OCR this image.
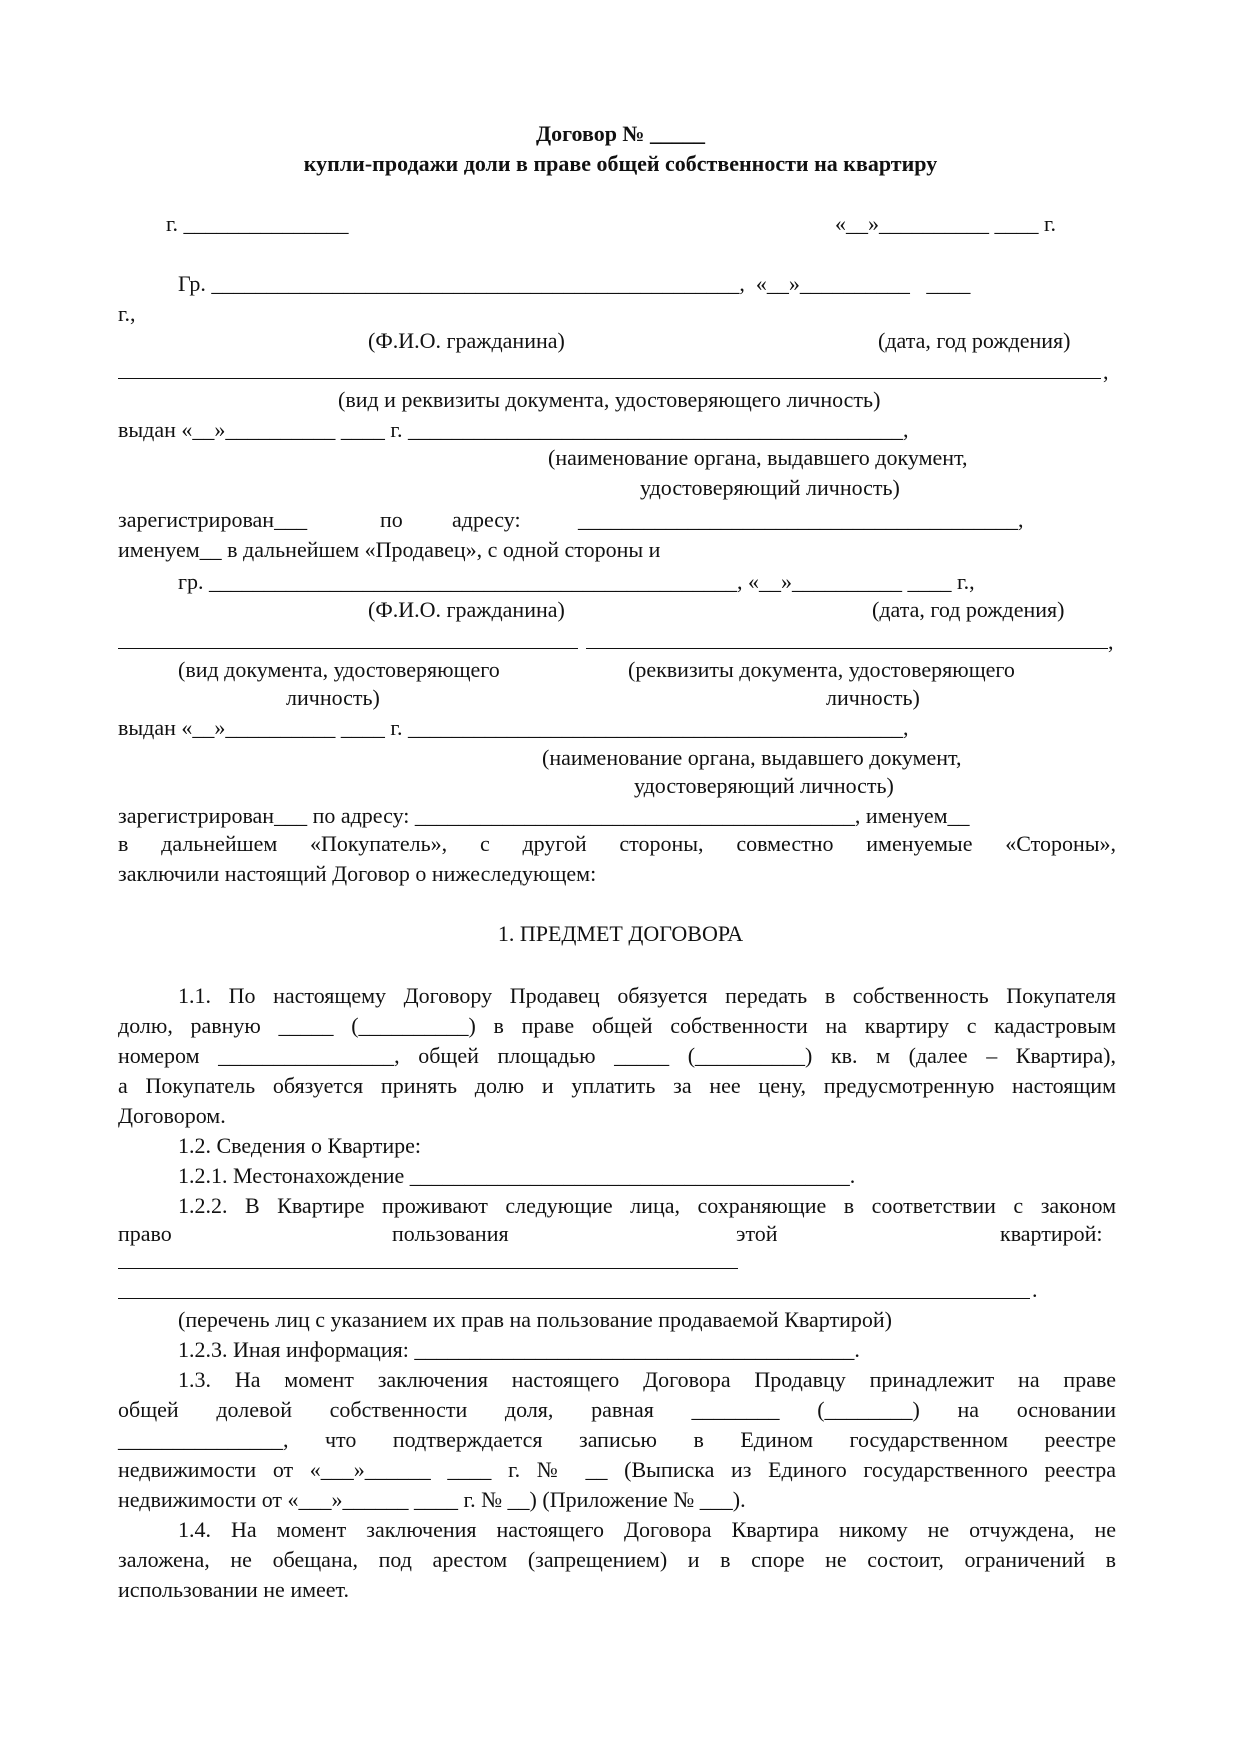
Договор № _____
купли-продажи доли в праве общей собственности на квартиру
г. _______________	«__»__________ ____ г.
Гр. ________________________________________________,  «__»__________   ____
г.,
(Ф.И.О. гражданина)	(дата, год рождения)
,
(вид и реквизиты документа, удостоверяющего личность)
выдан «__»__________ ____ г. _____________________________________________,
(наименование органа, выдавшего документ,
удостоверяющий личность)
зарегистрирован___	по адресу:	________________________________________,
именуем__ в дальнейшем «Продавец», с одной стороны и
гр. ________________________________________________, «__»__________ ____ г.,
(Ф.И.О. гражданина)	(дата, год рождения)
,
(вид документа, удостоверяющего
личность)
(реквизиты документа, удостоверяющего
личность)
выдан «__»__________ ____ г. _____________________________________________,
(наименование органа, выдавшего документ,
удостоверяющий личность)
зарегистрирован___ по адресу: ________________________________________, именуем__
в дальнейшем «Покупатель», с другой стороны, совместно именуемые «Стороны»,
заключили настоящий Договор о нижеследующем:
1. ПРЕДМЕТ ДОГОВОРА
1.1. По настоящему Договору Продавец обязуется передать в собственность Покупателя
долю, равную _____ (__________) в праве общей собственности на квартиру с кадастровым
номером ________________, общей площадью _____ (__________) кв. м (далее – Квартира),
а Покупатель обязуется принять долю и уплатить за нее цену, предусмотренную настоящим
Договором.
1.2. Сведения о Квартире:
1.2.1. Местонахождение ________________________________________.
1.2.2. В Квартире проживают следующие лица, сохраняющие в соответствии с законом
право	пользования	этой	квартирой:
.
(перечень лиц с указанием их прав на пользование продаваемой Квартирой)
1.2.3. Иная информация: ________________________________________.
1.3. На момент заключения настоящего Договора Продавцу принадлежит на праве
общей долевой собственности доля, равная ________ (________) на основании
_______________, что подтверждается записью в Едином государственном реестре
недвижимости от «___»______ ____ г. № __ (Выписка из Единого государственного реестра
недвижимости от «___»______ ____ г. № __) (Приложение № ___).
1.4. На момент заключения настоящего Договора Квартира никому не отчуждена, не
заложена, не обещана, под арестом (запрещением) и в споре не состоит, ограничений в
использовании не имеет.
